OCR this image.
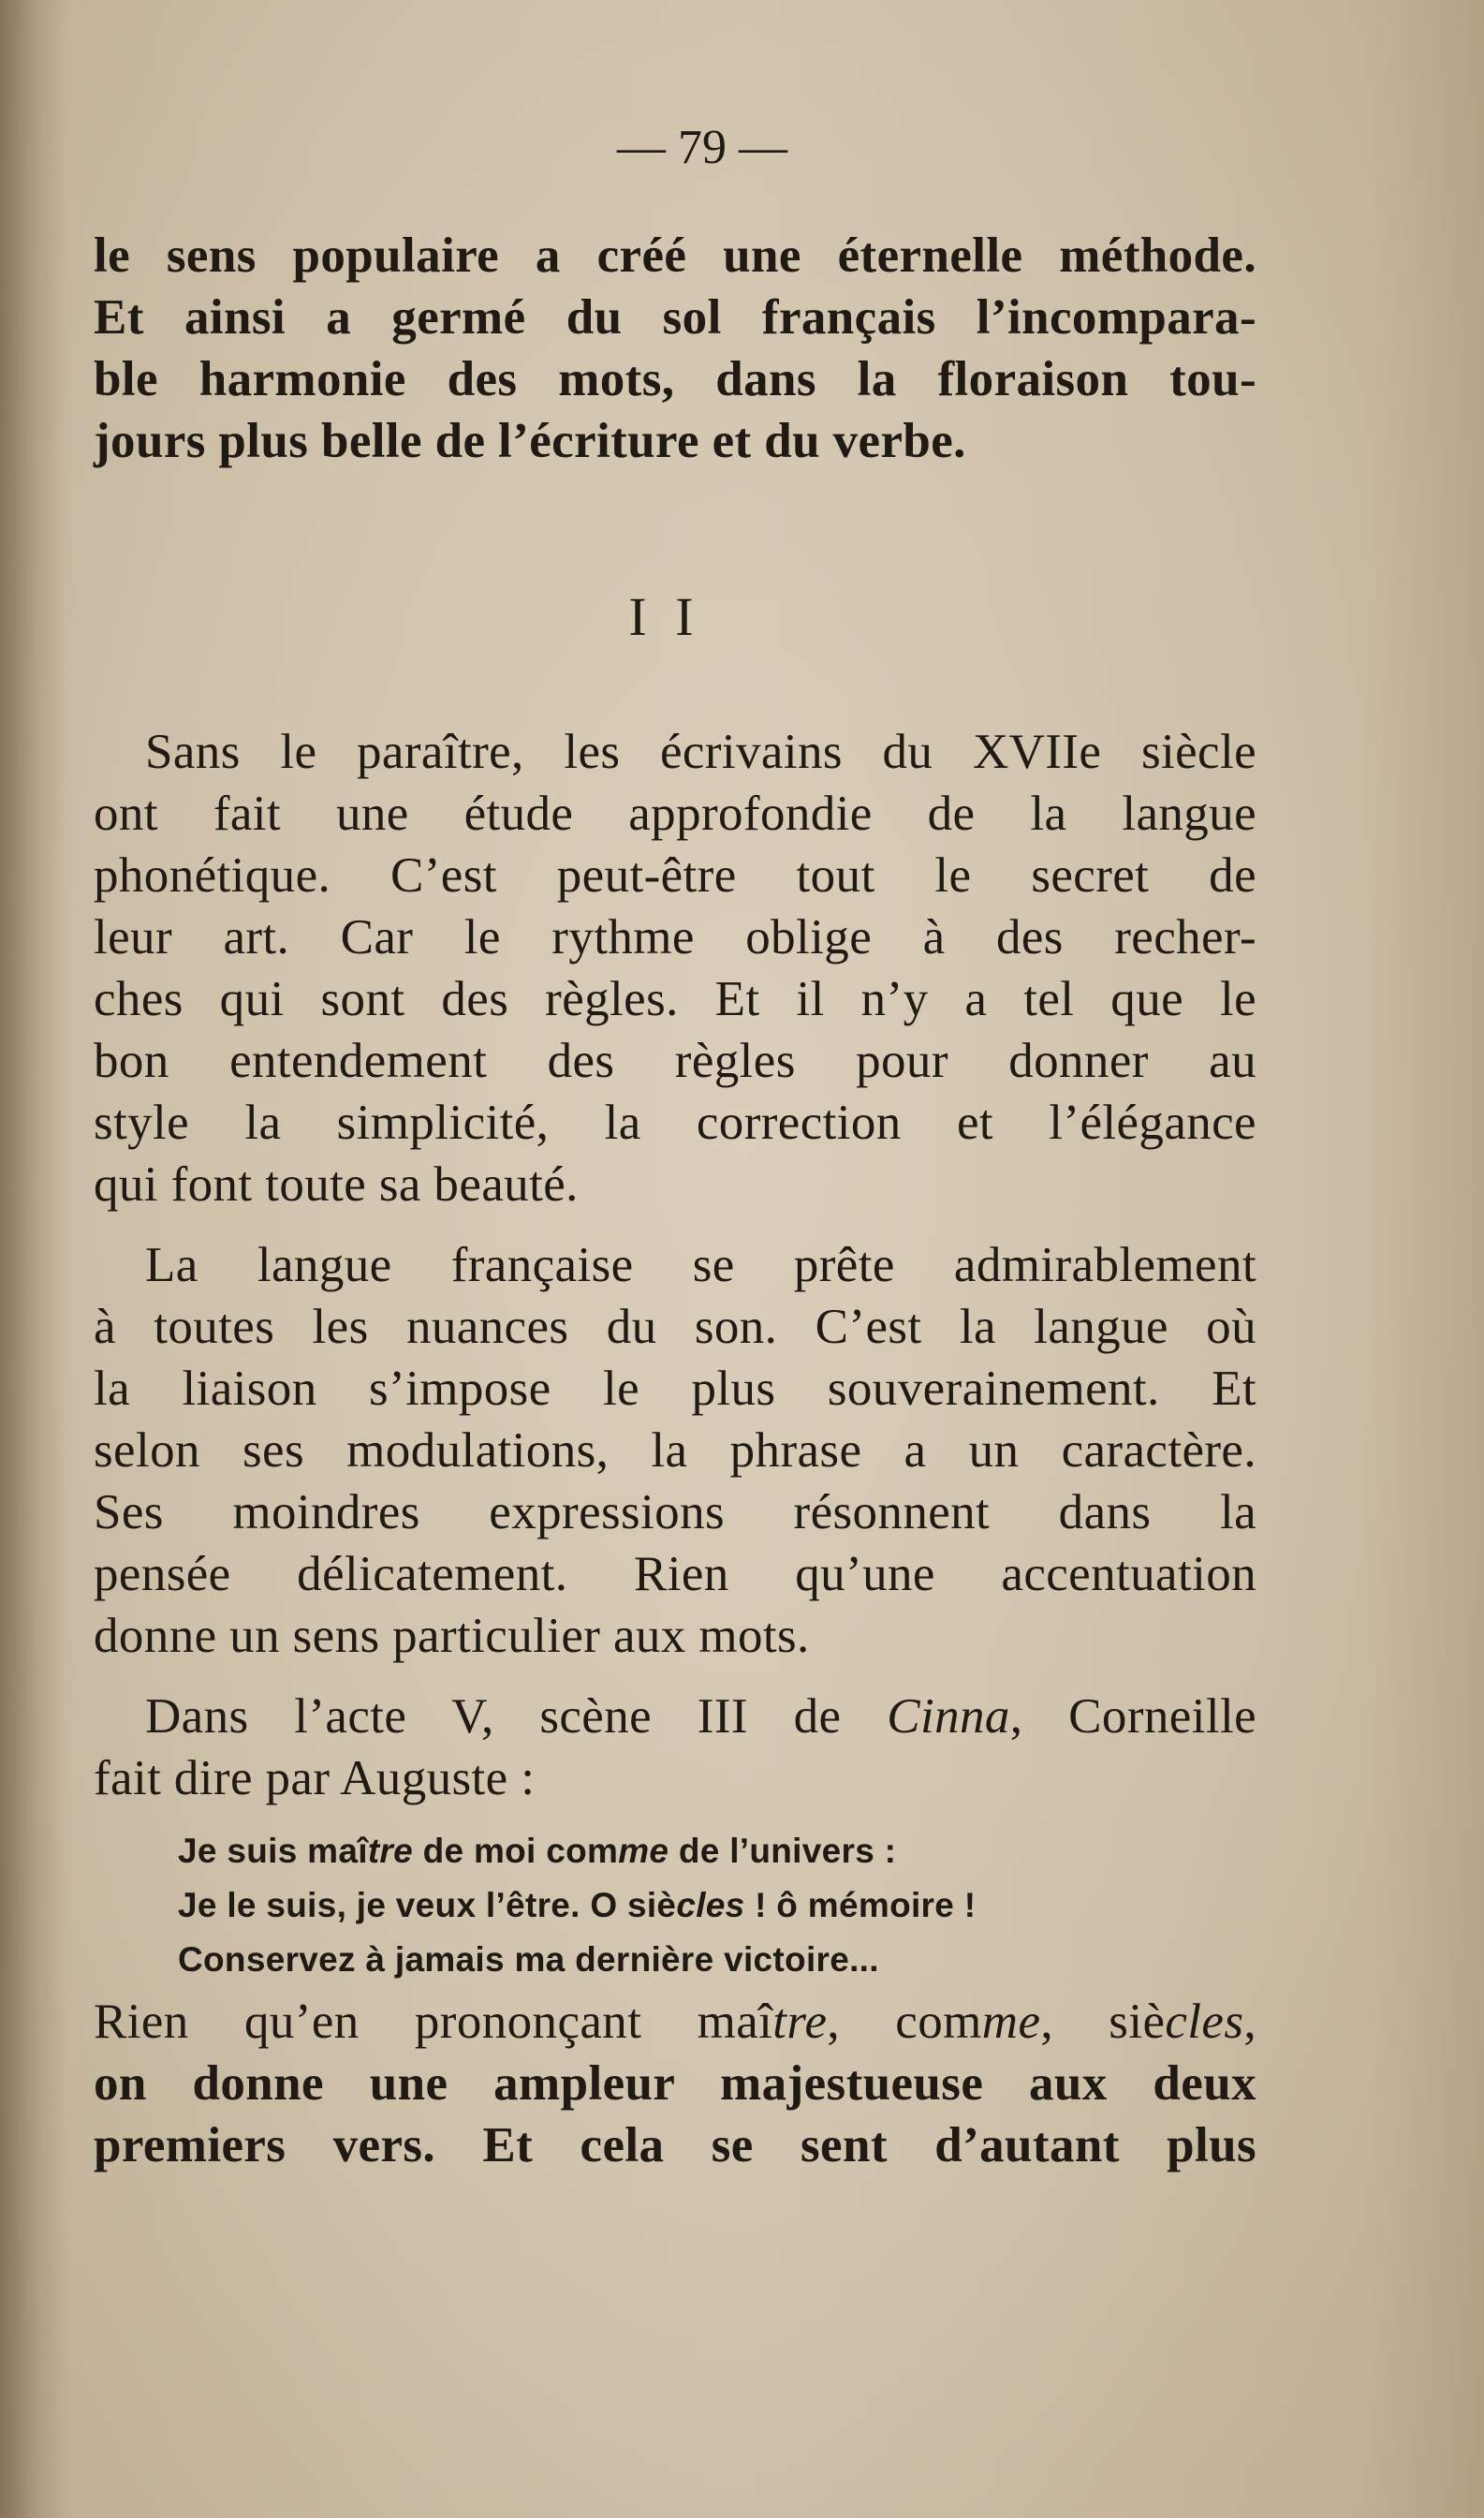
— 79 —
le sens populaire a créé une éternelle méthode.
Et ainsi a germé du sol français l’incompara-
ble harmonie des mots, dans la floraison tou-
jours plus belle de l’écriture et du verbe.
I I
Sans le paraître, les écrivains du XVIIe siècle
ont fait une étude approfondie de la langue
phonétique. C’est peut-être tout le secret de
leur art. Car le rythme oblige à des recher-
ches qui sont des règles. Et il n’y a tel que le
bon entendement des règles pour donner au
style la simplicité, la correction et l’élégance
qui font toute sa beauté.
La langue française se prête admirablement
à toutes les nuances du son. C’est la langue où
la liaison s’impose le plus souverainement. Et
selon ses modulations, la phrase a un caractère.
Ses moindres expressions résonnent dans la
pensée délicatement. Rien qu’une accentuation
donne un sens particulier aux mots.
Dans l’acte V, scène III de Cinna, Corneille
fait dire par Auguste :
Je suis maître de moi comme de l’univers :
Je le suis, je veux l’être. O siècles ! ô mémoire !
Conservez à jamais ma dernière victoire...
Rien qu’en prononçant maître, comme, siècles,
on donne une ampleur majestueuse aux deux
premiers vers. Et cela se sent d’autant plus
